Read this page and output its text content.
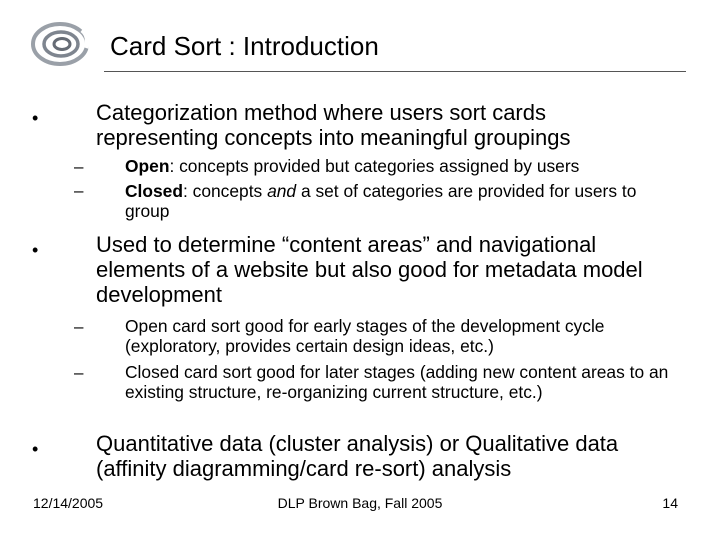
Card Sort : Introduction
•	Categorization method where users sort cards representing concepts into meaningful groupings
– Open: concepts provided but categories assigned by users
– Closed: concepts and a set of categories are provided for users to group
•	Used to determine “content areas” and navigational elements of a website but also good for metadata model development
– Open card sort good for early stages of the development cycle (exploratory, provides certain design ideas, etc.)
– Closed card sort good for later stages (adding new content areas to an existing structure, re-organizing current structure, etc.)
•	Quantitative data (cluster analysis) or Qualitative data (affinity diagramming/card re-sort) analysis
12/14/2005	DLP Brown Bag, Fall 2005	14
